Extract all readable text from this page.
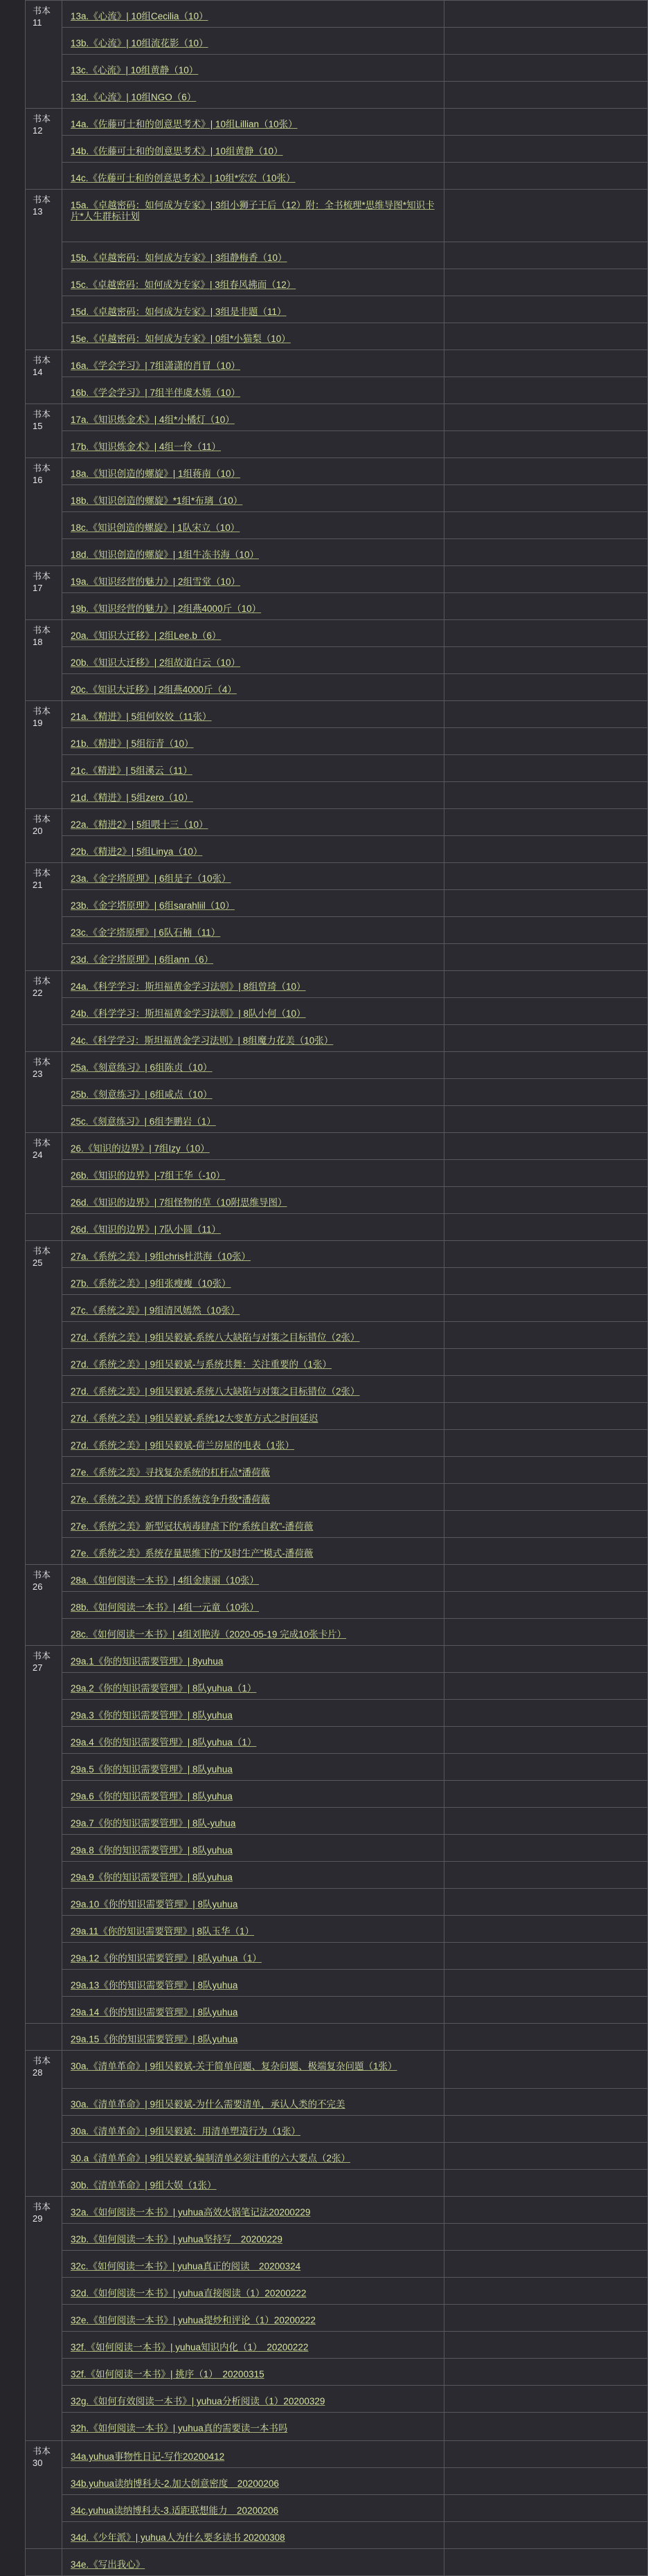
书本 11	13a.《心流》| 10组Cecilia（10）	

	13b.《心流》| 10组流花影（10）	

	13c.《心流》| 10组黄静（10）	

	13d.《心流》| 10组NGO（6）	

书本 12	14a.《佐藤可士和的创意思考术》| 10组Lillian（10张）	

	14b.《佐藤可士和的创意思考术》| 10组黄静（10）	

	14c.《佐藤可士和的创意思考术》| 10组*宏宏（10张）	

书本 13	15a.《卓越密码：如何成为专家》| 3组小狮子王后（12）附：全书梳理*思维导图*知识卡片*人生群标计划	

	15b.《卓越密码：如何成为专家》| 3组静梅香（10）	

	15c.《卓越密码：如何成为专家》| 3组春风拂面（12）	

	15d.《卓越密码：如何成为专家》| 3组是非题（11）	

	15e.《卓越密码：如何成为专家》| 0组*小猫梨（10）	

书本 14	16a.《学会学习》| 7组潇潇的肖冒（10）	

	16b.《学会学习》| 7组半伴虞木嫣（10）	

书本 15	17a.《知识炼金术》| 4组*小橘灯（10）	

	17b.《知识炼金术》| 4组一伶（11）	

书本 16	18a.《知识创造的螺旋》| 1组蒋南（10）	

	18b.《知识创造的螺旋》*1组*布璃（10）	

	18c.《知识创造的螺旋》| 1队宋立（10）	

	18d.《知识创造的螺旋》| 1组牛冻书海（10）	

书本 17	19a.《知识经营的魅力》| 2组雪堂（10）	

	19b.《知识经营的魅力》| 2组燕4000斤（10）	

书本 18	20a.《知识大迁移》| 2组Lee.b（6）	

	20b.《知识大迁移》| 2组故道白云（10）	

	20c.《知识大迁移》| 2组燕4000斤（4）	

书本 19	21a.《精进》| 5组何姣姣（11张）	

	21b.《精进》| 5组衍青（10）	

	21c.《精进》| 5组溪云（11）	

	21d.《精进》| 5组zero（10）	

书本 20	22a.《精进2》| 5组喂十三（10）	

	22b.《精进2》| 5组Linya（10）	

书本 21	23a.《金字塔原理》| 6组是子（10张）	

	23b.《金字塔原理》| 6组sarahliil（10）	

	23c.《金字塔原理》| 6队石楠（11）	

	23d.《金字塔原理》| 6组ann（6）	

书本 22	24a.《科学学习：斯坦福黄金学习法则》| 8组曾琦（10）	

	24b.《科学学习：斯坦福黄金学习法则》| 8队小何（10）	

	24c.《科学学习：斯坦福黄金学习法则》| 8组魔力花美（10张）	

书本 23	25a.《刻意练习》| 6组陈贞（10）	

	25b.《刻意练习》| 6组咸点（10）	

	25c.《刻意练习》| 6组李鹏岩（1）	

书本 24	26.《知识的边界》| 7组Izy（10）	

	26b.《知识的边界》|-7组王华（-10）	

	26d.《知识的边界》| 7组怪物的草（10附思维导图）	

	26d.《知识的边界》| 7队小圆（11）	

书本 25	27a.《系统之美》| 9组chris杜洪海（10张）	

	27b.《系统之美》| 9组张瘦瘦（10张）	

	27c.《系统之美》| 9组清风嫣然（10张）	

	27d.《系统之美》| 9组吴毅斌-系统八大缺陷与对策之目标错位（2张）	

	27d.《系统之美》| 9组吴毅斌-与系统共舞：关注重要的（1张）	

	27d.《系统之美》| 9组吴毅斌-系统八大缺陷与对策之目标错位（2张）	

	27d.《系统之美》| 9组吴毅斌-系统12大变革方式之时间延迟	

	27d.《系统之美》| 9组吴毅斌-荷兰房屋的电表（1张）	

	27e.《系统之美》寻找复杂系统的杠杆点*潘荷薇	

	27e.《系统之美》疫情下的系统竞争升级*潘荷薇	

	27e.《系统之美》新型冠状病毒肆虐下的“系统自救”-潘荷薇	

	27e.《系统之美》系统存量思维下的“及时生产”模式-潘荷薇	

书本 26	28a.《如何阅读一本书》| 4组金康丽（10张）	

	28b.《如何阅读一本书》| 4组一元童（10张）	

	28c.《如何阅读一本书》| 4组刘艳涛（2020-05-19 完成10张卡片）	

书本 27	29a.1《你的知识需要管理》| 8yuhua	

	29a.2《你的知识需要管理》| 8队yuhua（1）	

	29a.3《你的知识需要管理》| 8队yuhua	

	29a.4《你的知识需要管理》| 8队yuhua（1）	

	29a.5《你的知识需要管理》| 8队yuhua	

	29a.6《你的知识需要管理》| 8队yuhua	

	29a.7《你的知识需要管理》| 8队-yuhua	

	29a.8《你的知识需要管理》| 8队yuhua	

	29a.9《你的知识需要管理》| 8队yuhua	

	29a.10《你的知识需要管理》| 8队yuhua	

	29a.11《你的知识需要管理》| 8队玉华（1）	

	29a.12《你的知识需要管理》| 8队yuhua（1）	

	29a.13《你的知识需要管理》| 8队yuhua	

	29a.14《你的知识需要管理》| 8队yuhua	

	29a.15《你的知识需要管理》| 8队yuhua	

书本 28	30a.《清单革命》| 9组吴毅斌-关于简单问题、复杂问题、极端复杂问题（1张）	

	30a.《清单革命》| 9组吴毅斌-为什么需要清单，承认人类的不完美	

	30a.《清单革命》| 9组吴毅斌：用清单塑造行为（1张）	

	30.a《清单革命》| 9组吴毅斌-编制清单必须注重的六大要点（2张）	

	30b.《清单革命》| 9组大娱（1张）	

书本 29	32a.《如何阅读一本书》| yuhua高效火锅笔记法20200229	

	32b.《如何阅读一本书》| yuhua坚持写　20200229	

	32c.《如何阅读一本书》| yuhua真正的阅读　20200324	

	32d.《如何阅读一本书》| yuhua直接阅读（1）20200222	

	32e.《如何阅读一本书》| yuhua提炒和评论（1）20200222	

	32f.《如何阅读一本书》| yuhua知识内化（1）　20200222	

	32f.《如何阅读一本书》| 挑序（1）　20200315	

	32g.《如何有效阅读一本书》| yuhua分析阅读（1）20200329	

	32h.《如何阅读一本书》| yuhua真的需要读一本书吗	

书本 30	34a.yuhua事物性日记-写作20200412	

	34b.yuhua读纳博科夫-2.加大创意密度　20200206	

	34c.yuhua读纳博科夫-3.适距联想能力　20200206	

	34d.《少年派》| yuhua人为什么要多读书 20200308	

	34e.《写出我心》	
